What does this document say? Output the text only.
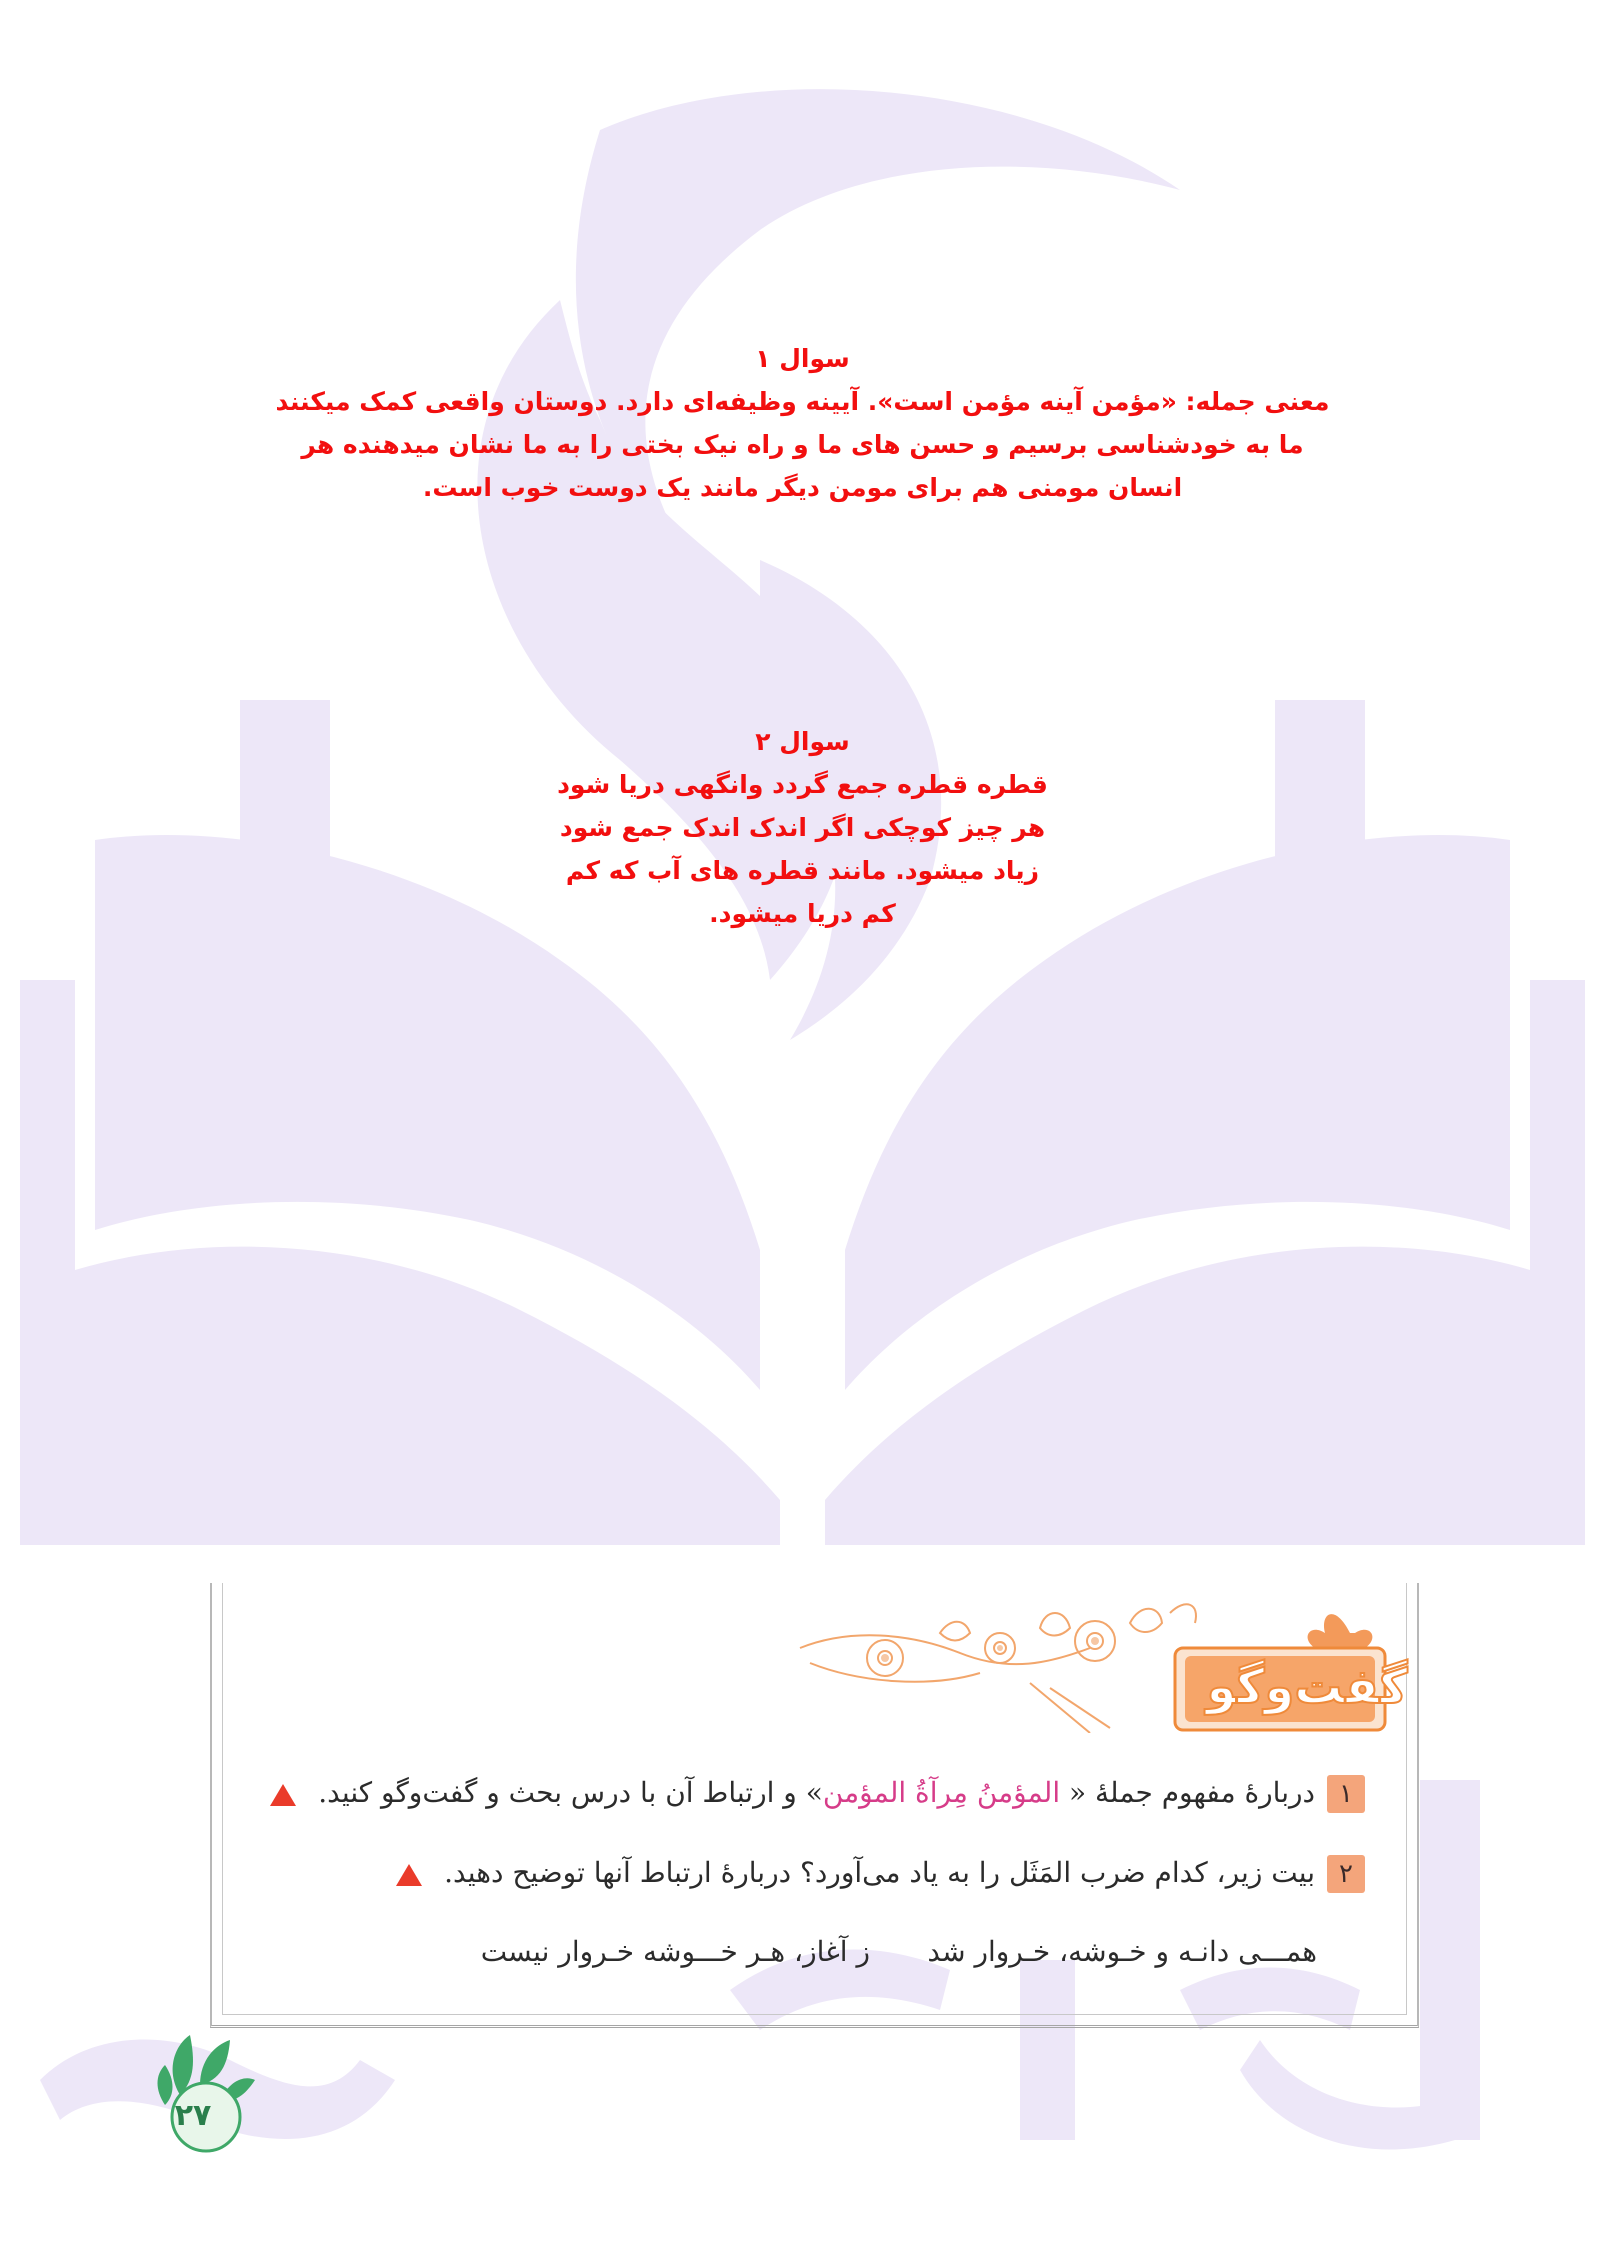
سوال ۱

معنی جمله: «مؤمن آینه مؤمن است». آیینه وظیفه‌ای دارد. دوستان واقعی کمک میکنند

ما به خودشناسی برسیم و حسن های ما و راه نیک بختی را به ما نشان میدهنده هر

انسان مومنی هم برای مومن دیگر مانند یک دوست خوب است.

سوال ۲

قطره قطره جمع گردد وانگهی دریا شود

هر چیز کوچکی اگر اندک اندک جمع شود

زیاد میشود. مانند قطره های آب که کم

کم دریا میشود.

گفت‌وگو
۱دربارهٔ مفهوم جملهٔ « المؤمنُ مِرآةُ المؤمن» و ارتباط آن با درس بحث و گفت‌وگو کنید.
۲بیت زیر، کدام ضرب المَثَل را به یاد می‌آورد؟ دربارهٔ ارتباط آنها توضیح دهید.
همـــی دانـه و خـوشه، خـروار شد
ز آغاز، هـر خـــوشه خـروار نیست
۲۷
